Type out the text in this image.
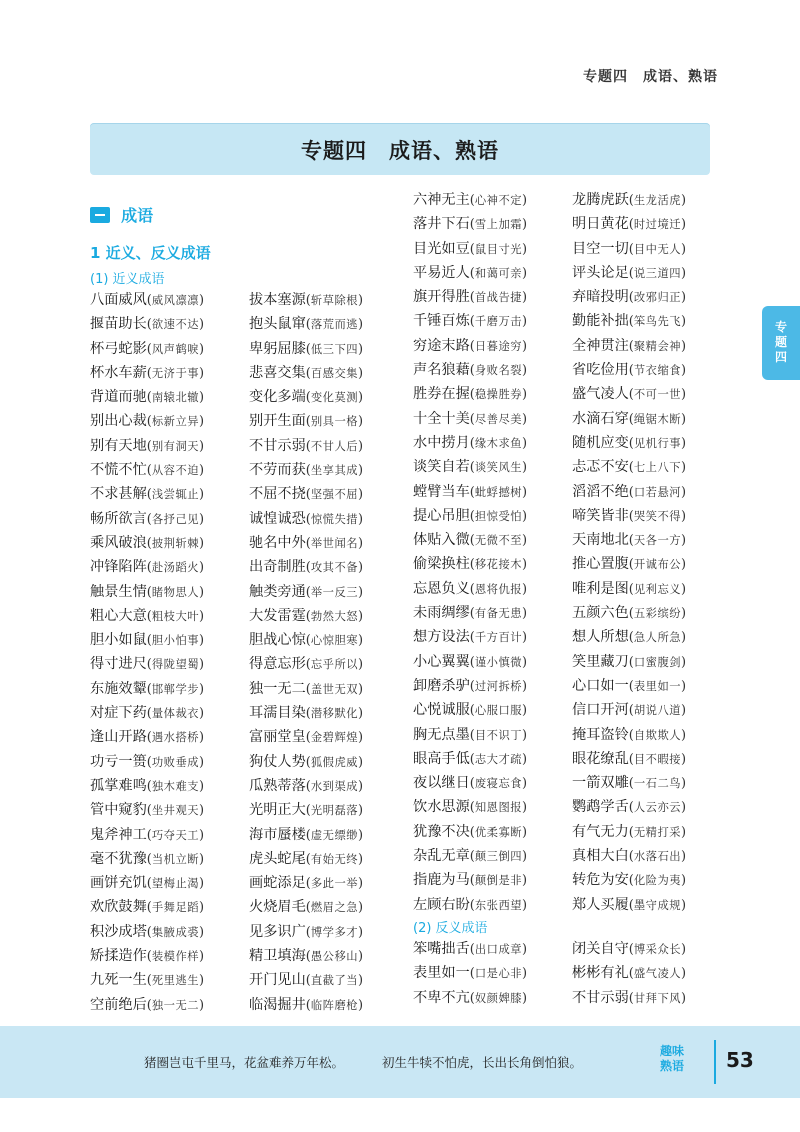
专题四　成语、熟语
专题四　成语、熟语
成语
1 近义、反义成语
(1) 近义成语
八面威风(威风凛凛)
揠苗助长(欲速不达)
杯弓蛇影(风声鹤唳)
杯水车薪(无济于事)
背道而驰(南辕北辙)
别出心裁(标新立异)
别有天地(别有洞天)
不慌不忙(从容不迫)
不求甚解(浅尝辄止)
畅所欲言(各抒己见)
乘风破浪(披荆斩棘)
冲锋陷阵(赴汤蹈火)
触景生情(睹物思人)
粗心大意(粗枝大叶)
胆小如鼠(胆小怕事)
得寸进尺(得陇望蜀)
东施效颦(邯郸学步)
对症下药(量体裁衣)
逢山开路(遇水搭桥)
功亏一篑(功败垂成)
孤掌难鸣(独木难支)
管中窥豹(坐井观天)
鬼斧神工(巧夺天工)
毫不犹豫(当机立断)
画饼充饥(望梅止渴)
欢欣鼓舞(手舞足蹈)
积沙成塔(集腋成裘)
矫揉造作(装模作样)
九死一生(死里逃生)
空前绝后(独一无二)
拔本塞源(斩草除根)
抱头鼠窜(落荒而逃)
卑躬屈膝(低三下四)
悲喜交集(百感交集)
变化多端(变化莫测)
别开生面(别具一格)
不甘示弱(不甘人后)
不劳而获(坐享其成)
不屈不挠(坚强不屈)
诚惶诚恐(惊慌失措)
驰名中外(举世闻名)
出奇制胜(攻其不备)
触类旁通(举一反三)
大发雷霆(勃然大怒)
胆战心惊(心惊胆寒)
得意忘形(忘乎所以)
独一无二(盖世无双)
耳濡目染(潜移默化)
富丽堂皇(金碧辉煌)
狗仗人势(狐假虎威)
瓜熟蒂落(水到渠成)
光明正大(光明磊落)
海市蜃楼(虚无缥缈)
虎头蛇尾(有始无终)
画蛇添足(多此一举)
火烧眉毛(燃眉之急)
见多识广(博学多才)
精卫填海(愚公移山)
开门见山(直截了当)
临渴掘井(临阵磨枪)
六神无主(心神不定)
落井下石(雪上加霜)
目光如豆(鼠目寸光)
平易近人(和蔼可亲)
旗开得胜(首战告捷)
千锤百炼(千磨万击)
穷途末路(日暮途穷)
声名狼藉(身败名裂)
胜券在握(稳操胜券)
十全十美(尽善尽美)
水中捞月(缘木求鱼)
谈笑自若(谈笑风生)
螳臂当车(蚍蜉撼树)
提心吊胆(担惊受怕)
体贴入微(无微不至)
偷梁换柱(移花接木)
忘恩负义(恩将仇报)
未雨绸缪(有备无患)
想方设法(千方百计)
小心翼翼(谨小慎微)
卸磨杀驴(过河拆桥)
心悦诚服(心服口服)
胸无点墨(目不识丁)
眼高手低(志大才疏)
夜以继日(废寝忘食)
饮水思源(知恩图报)
犹豫不决(优柔寡断)
杂乱无章(颠三倒四)
指鹿为马(颠倒是非)
左顾右盼(东张西望)
龙腾虎跃(生龙活虎)
明日黄花(时过境迁)
目空一切(目中无人)
评头论足(说三道四)
弃暗投明(改邪归正)
勤能补拙(笨鸟先飞)
全神贯注(聚精会神)
省吃俭用(节衣缩食)
盛气凌人(不可一世)
水滴石穿(绳锯木断)
随机应变(见机行事)
忐忑不安(七上八下)
滔滔不绝(口若悬河)
啼笑皆非(哭笑不得)
天南地北(天各一方)
推心置腹(开诚布公)
唯利是图(见利忘义)
五颜六色(五彩缤纷)
想人所想(急人所急)
笑里藏刀(口蜜腹剑)
心口如一(表里如一)
信口开河(胡说八道)
掩耳盗铃(自欺欺人)
眼花缭乱(目不暇接)
一箭双雕(一石二鸟)
鹦鹉学舌(人云亦云)
有气无力(无精打采)
真相大白(水落石出)
转危为安(化险为夷)
郑人买履(墨守成规)
(2) 反义成语
笨嘴拙舌(出口成章)
表里如一(口是心非)
不卑不亢(奴颜婢膝)
闭关自守(博采众长)
彬彬有礼(盛气凌人)
不甘示弱(甘拜下风)
专
题
四
猪圈岂屯千里马，花盆难养万年松。	初生牛犊不怕虎，长出长角倒怕狼。
趣味
熟语	53
